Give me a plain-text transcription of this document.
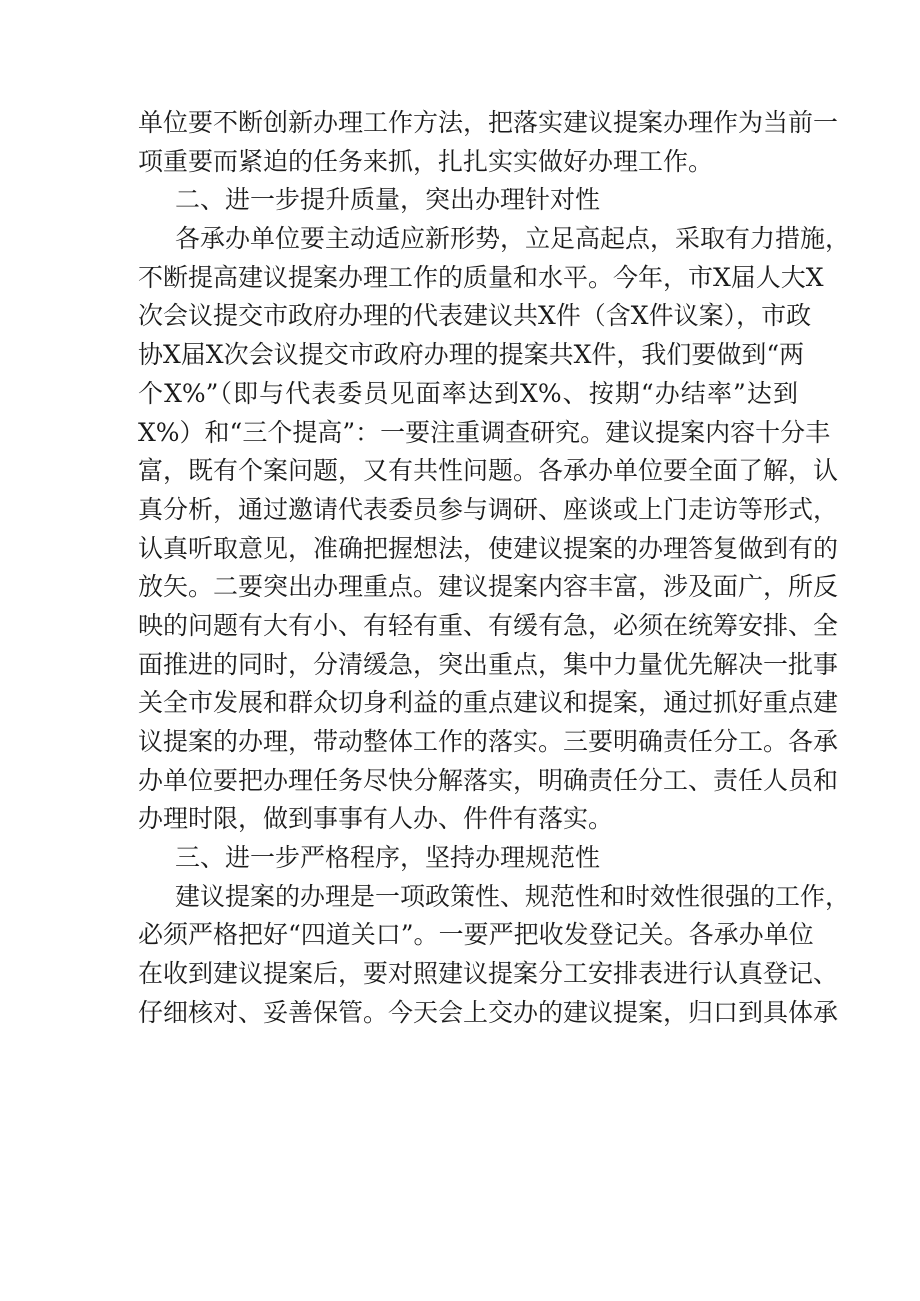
单位要不断创新办理工作方法，把落实建议提案办理作为当前一
项重要而紧迫的任务来抓，扎扎实实做好办理工作。
二、进一步提升质量，突出办理针对性
各承办单位要主动适应新形势，立足高起点，采取有力措施，
不断提高建议提案办理工作的质量和水平。今年，市X届人大X
次会议提交市政府办理的代表建议共X件（含X件议案），市政
协X届X次会议提交市政府办理的提案共X件，我们要做到“两
个X%”（即与代表委员见面率达到X%、按期“办结率”达到
X%）和“三个提高”：一要注重调查研究。建议提案内容十分丰
富，既有个案问题，又有共性问题。各承办单位要全面了解，认
真分析，通过邀请代表委员参与调研、座谈或上门走访等形式，
认真听取意见，准确把握想法，使建议提案的办理答复做到有的
放矢。二要突出办理重点。建议提案内容丰富，涉及面广，所反
映的问题有大有小、有轻有重、有缓有急，必须在统筹安排、全
面推进的同时，分清缓急，突出重点，集中力量优先解决一批事
关全市发展和群众切身利益的重点建议和提案，通过抓好重点建
议提案的办理，带动整体工作的落实。三要明确责任分工。各承
办单位要把办理任务尽快分解落实，明确责任分工、责任人员和
办理时限，做到事事有人办、件件有落实。
三、进一步严格程序，坚持办理规范性
建议提案的办理是一项政策性、规范性和时效性很强的工作，
必须严格把好“四道关口”。一要严把收发登记关。各承办单位
在收到建议提案后，要对照建议提案分工安排表进行认真登记、
仔细核对、妥善保管。今天会上交办的建议提案，归口到具体承
